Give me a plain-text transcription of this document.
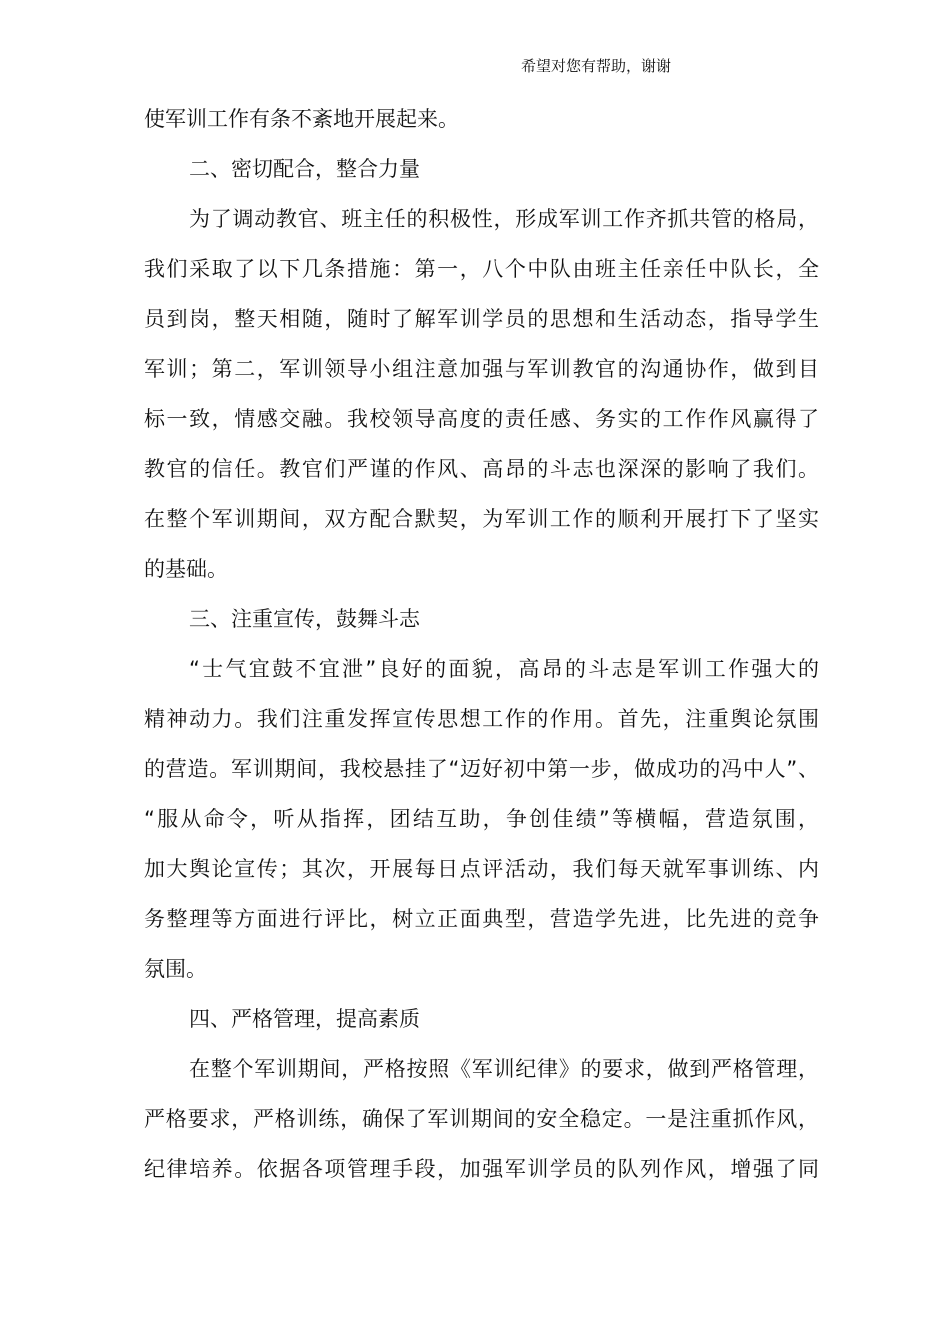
希望对您有帮助，谢谢
使军训工作有条不紊地开展起来。
二、密切配合，整合力量
为了调动教官、班主任的积极性，形成军训工作齐抓共管的格局，
我们采取了以下几条措施：第一，八个中队由班主任亲任中队长，全
员到岗，整天相随，随时了解军训学员的思想和生活动态，指导学生
军训；第二，军训领导小组注意加强与军训教官的沟通协作，做到目
标一致，情感交融。我校领导高度的责任感、务实的工作作风赢得了
教官的信任。教官们严谨的作风、高昂的斗志也深深的影响了我们。
在整个军训期间，双方配合默契，为军训工作的顺利开展打下了坚实
的基础。
三、注重宣传，鼓舞斗志
“士气宜鼓不宜泄”良好的面貌，高昂的斗志是军训工作强大的
精神动力。我们注重发挥宣传思想工作的作用。首先，注重舆论氛围
的营造。军训期间，我校悬挂了“迈好初中第一步，做成功的冯中人”、
“服从命令，听从指挥，团结互助，争创佳绩”等横幅，营造氛围，
加大舆论宣传；其次，开展每日点评活动，我们每天就军事训练、内
务整理等方面进行评比，树立正面典型，营造学先进，比先进的竞争
氛围。
四、严格管理，提高素质
在整个军训期间，严格按照《军训纪律》的要求，做到严格管理，
严格要求，严格训练，确保了军训期间的安全稳定。一是注重抓作风，
纪律培养。依据各项管理手段，加强军训学员的队列作风，增强了同
